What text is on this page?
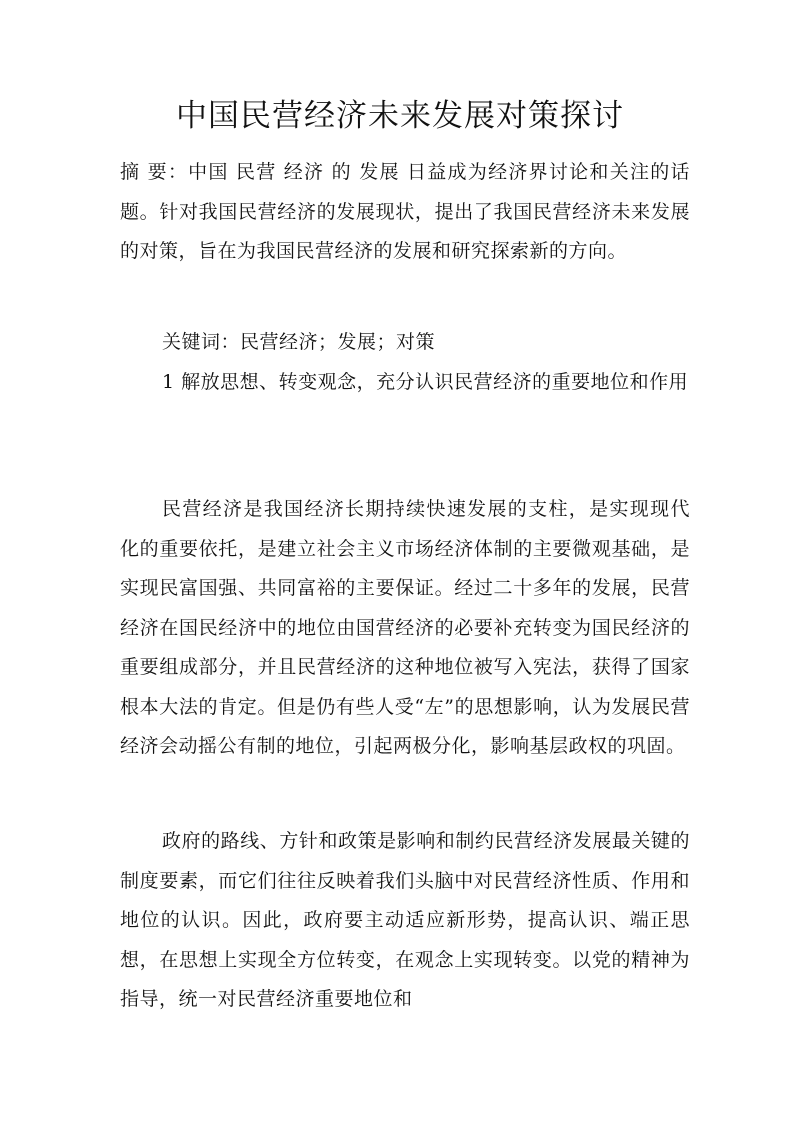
中国民营经济未来发展对策探讨

摘 要：中国 民营 经济 的 发展 日益成为经济界讨论和关注的话题。针对我国民营经济的发展现状，提出了我国民营经济未来发展的对策，旨在为我国民营经济的发展和研究探索新的方向。

关键词：民营经济；发展；对策

1 解放思想、转变观念，充分认识民营经济的重要地位和作用

民营经济是我国经济长期持续快速发展的支柱，是实现现代 化的重要依托，是建立社会主义市场经济体制的主要微观基础，是实现民富国强、共同富裕的主要保证。经过二十多年的发展，民营经济在国民经济中的地位由国营经济的必要补充转变为国民经济的重要组成部分，并且民营经济的这种地位被写入宪法，获得了国家根本大法的肯定。但是仍有些人受“左”的思想影响，认为发展民营经济会动摇公有制的地位，引起两极分化，影响基层政权的巩固。

政府的路线、方针和政策是影响和制约民营经济发展最关键的制度要素，而它们往往反映着我们头脑中对民营经济性质、作用和地位的认识。因此，政府要主动适应新形势，提高认识、端正思想，在思想上实现全方位转变，在观念上实现转变。以党的精神为指导，统一对民营经济重要地位和
